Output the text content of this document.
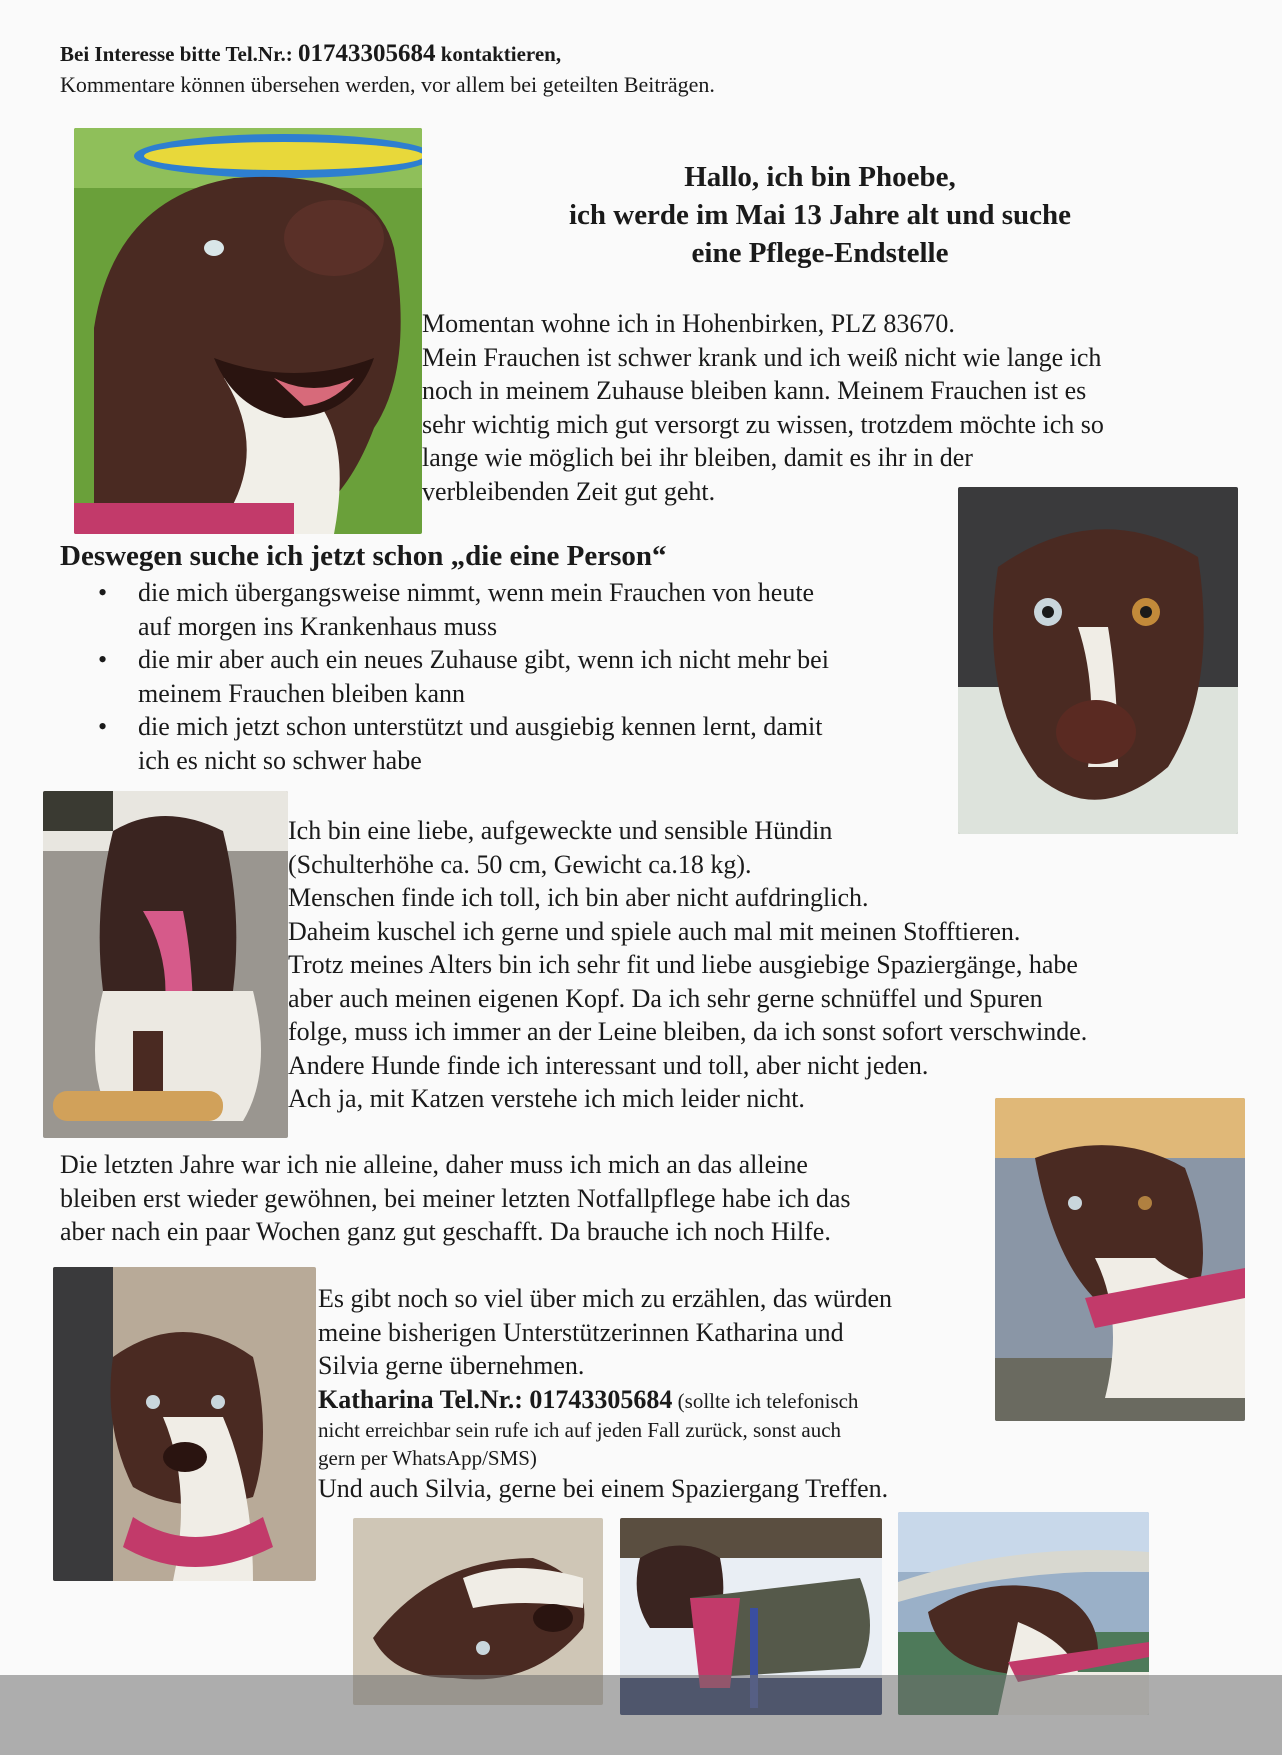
Bei Interesse bitte Tel.Nr.: 01743305684 kontaktieren,
Kommentare können übersehen werden, vor allem bei geteilten Beiträgen.
Hallo, ich bin Phoebe,
ich werde im Mai 13 Jahre alt und suche
eine Pflege-Endstelle
Momentan wohne ich in Hohenbirken, PLZ 83670.
Mein Frauchen ist schwer krank und ich weiß nicht wie lange ich
noch in meinem Zuhause bleiben kann. Meinem Frauchen ist es
sehr wichtig mich gut versorgt zu wissen, trotzdem möchte ich so
lange wie möglich bei ihr bleiben, damit es ihr in der
verbleibenden Zeit gut geht.
Deswegen suche ich jetzt schon „die eine Person“
• die mich übergangsweise nimmt, wenn mein Frauchen von heute
auf morgen ins Krankenhaus muss
• die mir aber auch ein neues Zuhause gibt, wenn ich nicht mehr bei
meinem Frauchen bleiben kann
• die mich jetzt schon unterstützt und ausgiebig kennen lernt, damit
ich es nicht so schwer habe
Ich bin eine liebe, aufgeweckte und sensible Hündin
(Schulterhöhe ca. 50 cm, Gewicht ca.18 kg).
Menschen finde ich toll, ich bin aber nicht aufdringlich.
Daheim kuschel ich gerne und spiele auch mal mit meinen Stofftieren.
Trotz meines Alters bin ich sehr fit und liebe ausgiebige Spaziergänge, habe
aber auch meinen eigenen Kopf. Da ich sehr gerne schnüffel und Spuren
folge, muss ich immer an der Leine bleiben, da ich sonst sofort verschwinde.
Andere Hunde finde ich interessant und toll, aber nicht jeden.
Ach ja, mit Katzen verstehe ich mich leider nicht.
Die letzten Jahre war ich nie alleine, daher muss ich mich an das alleine
bleiben erst wieder gewöhnen, bei meiner letzten Notfallpflege habe ich das
aber nach ein paar Wochen ganz gut geschafft. Da brauche ich noch Hilfe.
Es gibt noch so viel über mich zu erzählen, das würden
meine bisherigen Unterstützerinnen Katharina und
Silvia gerne übernehmen.
Katharina Tel.Nr.: 01743305684 (sollte ich telefonisch
nicht erreichbar sein rufe ich auf jeden Fall zurück, sonst auch
gern per WhatsApp/SMS)
Und auch Silvia, gerne bei einem Spaziergang Treffen.
